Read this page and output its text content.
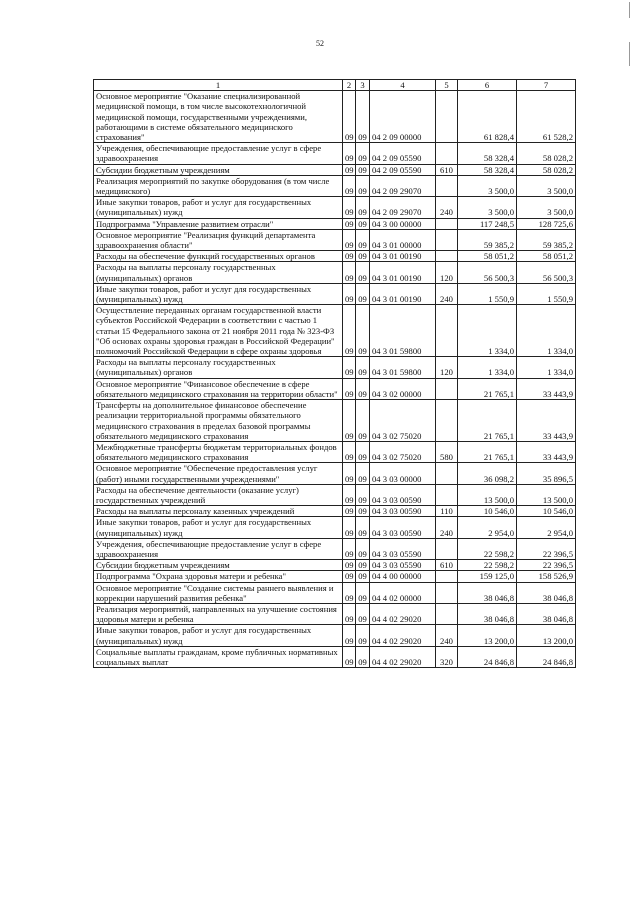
52
1	2	3	4	5	6	7
Основное мероприятие "Оказание специализированной медицинской помощи, в том числе высокотехнологичной медицинской помощи, государственными учреждениями, работающими в системе обязательного медицинского страхования"	09	09	04 2 09 00000		61 828,4	61 528,2
Учреждения, обеспечивающие предоставление услуг в сфере здравоохранения	09	09	04 2 09 05590		58 328,4	58 028,2
Субсидии бюджетным учреждениям	09	09	04 2 09 05590	610	58 328,4	58 028,2
Реализация мероприятий по закупке оборудования (в том числе медицинского)	09	09	04 2 09 29070		3 500,0	3 500,0
Иные закупки товаров, работ и услуг для государственных (муниципальных) нужд	09	09	04 2 09 29070	240	3 500,0	3 500,0
Подпрограмма "Управление развитием отрасли"	09	09	04 3 00 00000		117 248,5	128 725,6
Основное мероприятие "Реализация функций департамента здравоохранения области"	09	09	04 3 01 00000		59 385,2	59 385,2
Расходы на обеспечение функций государственных органов	09	09	04 3 01 00190		58 051,2	58 051,2
Расходы на выплаты персоналу государственных (муниципальных) органов	09	09	04 3 01 00190	120	56 500,3	56 500,3
Иные закупки товаров, работ и услуг для государственных (муниципальных) нужд	09	09	04 3 01 00190	240	1 550,9	1 550,9
Осуществление переданных органам государственной власти субъектов Российской Федерации в соответствии с частью 1 статьи 15 Федерального закона от 21 ноября 2011 года № 323-ФЗ "Об основах охраны здоровья граждан в Российской Федерации" полномочий Российской Федерации в сфере охраны здоровья	09	09	04 3 01 59800		1 334,0	1 334,0
Расходы на выплаты персоналу государственных (муниципальных) органов	09	09	04 3 01 59800	120	1 334,0	1 334,0
Основное мероприятие "Финансовое обеспечение в сфере обязательного медицинского страхования на территории области"	09	09	04 3 02 00000		21 765,1	33 443,9
Трансферты на дополнительное финансовое обеспечение реализации территориальной программы обязательного медицинского страхования в пределах базовой программы обязательного медицинского страхования	09	09	04 3 02 75020		21 765,1	33 443,9
Межбюджетные трансферты бюджетам территориальных фондов обязательного медицинского страхования	09	09	04 3 02 75020	580	21 765,1	33 443,9
Основное мероприятие "Обеспечение предоставления услуг (работ) иными государственными учреждениями"	09	09	04 3 03 00000		36 098,2	35 896,5
Расходы на обеспечение деятельности (оказание услуг) государственных учреждений	09	09	04 3 03 00590		13 500,0	13 500,0
Расходы на выплаты персоналу казенных учреждений	09	09	04 3 03 00590	110	10 546,0	10 546,0
Иные закупки товаров, работ и услуг для государственных (муниципальных) нужд	09	09	04 3 03 00590	240	2 954,0	2 954,0
Учреждения, обеспечивающие предоставление услуг в сфере здравоохранения	09	09	04 3 03 05590		22 598,2	22 396,5
Субсидии бюджетным учреждениям	09	09	04 3 03 05590	610	22 598,2	22 396,5
Подпрограмма "Охрана здоровья матери и ребенка"	09	09	04 4 00 00000		159 125,0	158 526,9
Основное мероприятие "Создание системы раннего выявления и коррекции нарушений развития ребенка"	09	09	04 4 02 00000		38 046,8	38 046,8
Реализация мероприятий, направленных на улучшение состояния здоровья матери и ребенка	09	09	04 4 02 29020		38 046,8	38 046,8
Иные закупки товаров, работ и услуг для государственных (муниципальных) нужд	09	09	04 4 02 29020	240	13 200,0	13 200,0
Социальные выплаты гражданам, кроме публичных нормативных социальных выплат	09	09	04 4 02 29020	320	24 846,8	24 846,8
